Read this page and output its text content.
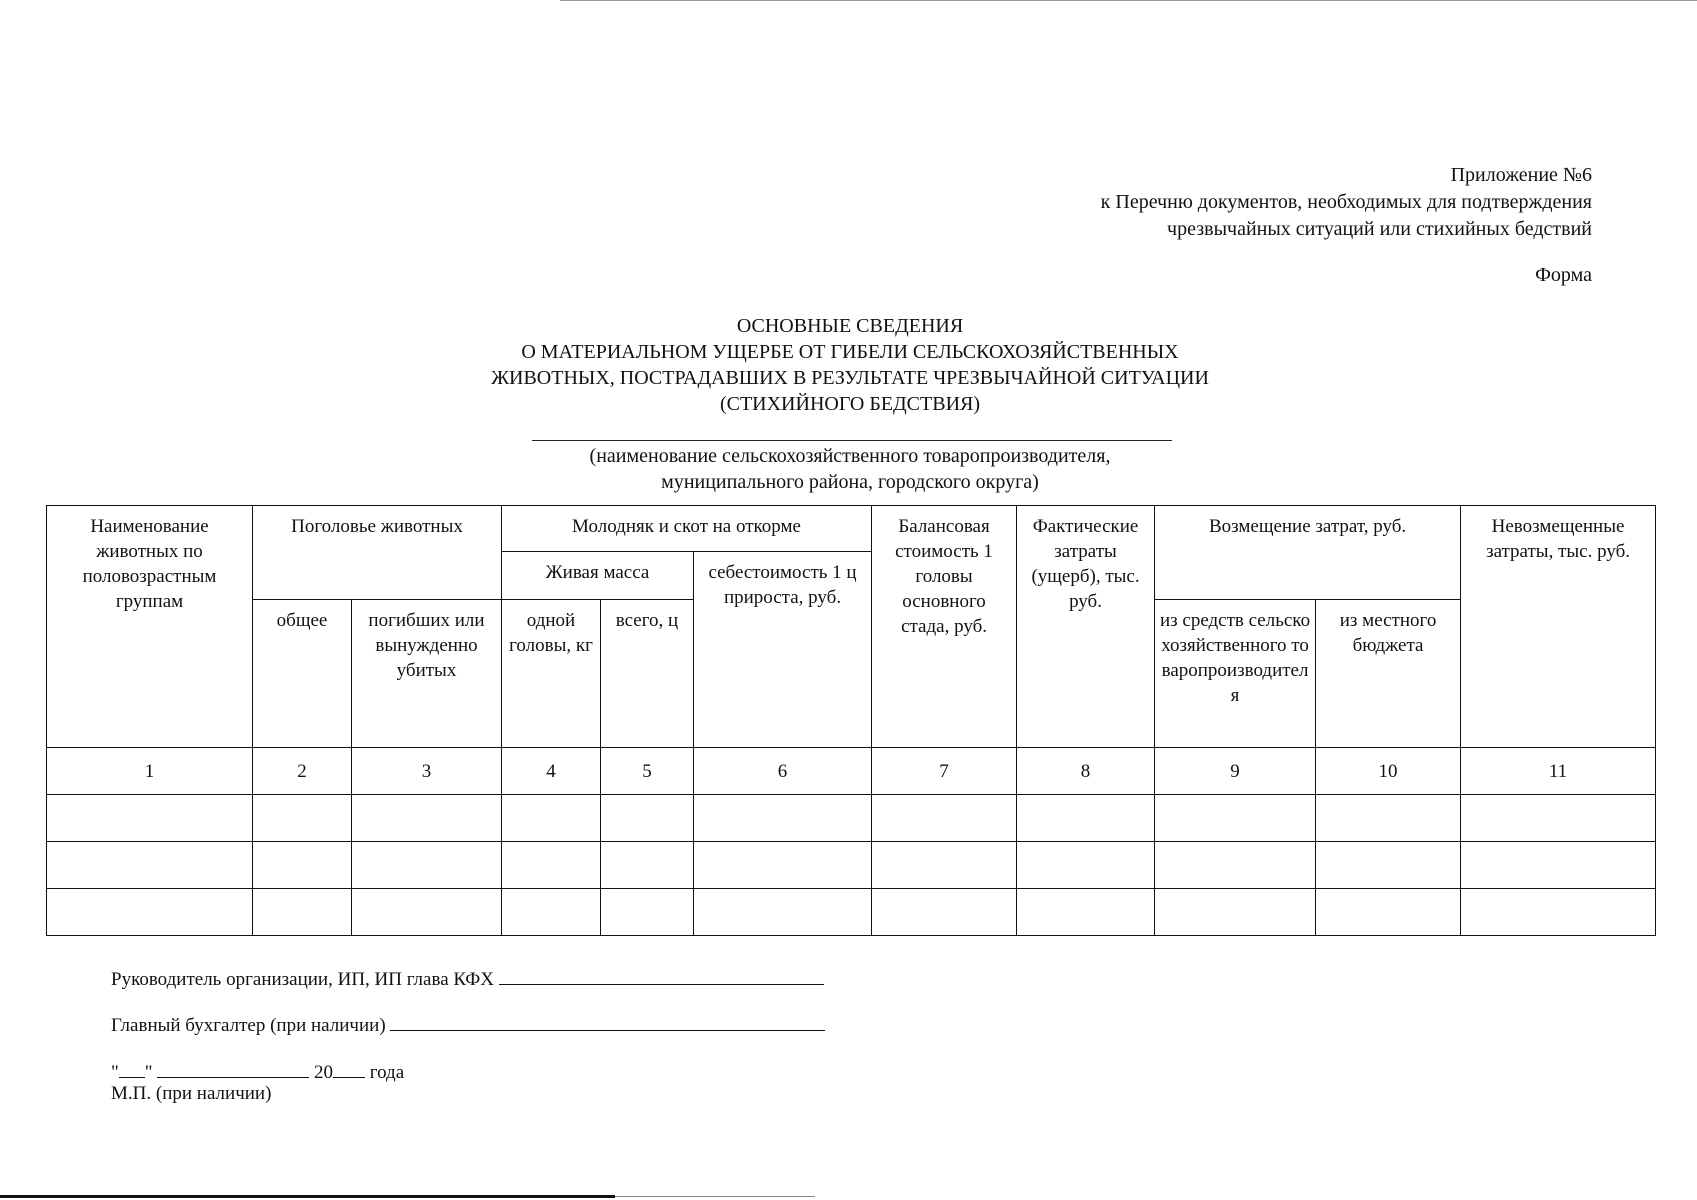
Приложение №6
к Перечню документов, необходимых для подтверждения
чрезвычайных ситуаций или стихийных бедствий
Форма
ОСНОВНЫЕ СВЕДЕНИЯ
О МАТЕРИАЛЬНОМ УЩЕРБЕ ОТ ГИБЕЛИ СЕЛЬСКОХОЗЯЙСТВЕННЫХ
ЖИВОТНЫХ, ПОСТРАДАВШИХ В РЕЗУЛЬТАТЕ ЧРЕЗВЫЧАЙНОЙ СИТУАЦИИ
(СТИХИЙНОГО БЕДСТВИЯ)
(наименование сельскохозяйственного товаропроизводителя,
муниципального района, городского округа)
Наименование животных по половозрастным группам	Поголовье животных		Молодняк и скот на откорме			Балансовая стоимость 1 головы основного стада, руб.	Фактические затраты (ущерб), тыс. руб.	Возмещение затрат, руб.		Невозмещенные затраты, тыс. руб.
			Живая масса		себестоимость 1 ц прироста, руб.					
	общее	погибших или вынужденно убитых	одной головы, кг	всего, ц				из средств сельскохозяйственного товаропроизводителя	из местного бюджета	
1	2	3	4	5	6	7	8	9	10	11

Руководитель организации, ИП, ИП глава КФХ
Главный бухгалтер (при наличии)
" "	20 года
М.П. (при наличии)
